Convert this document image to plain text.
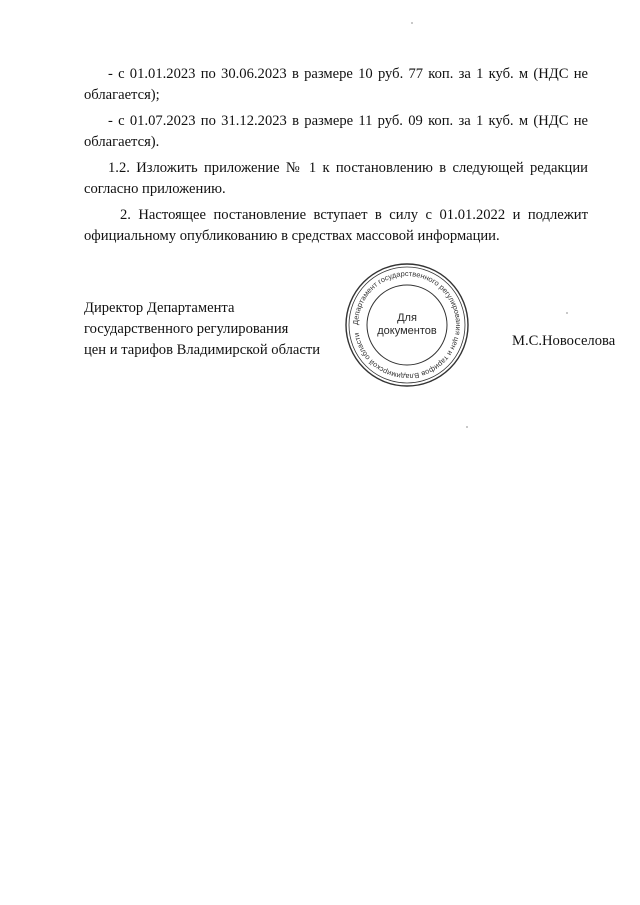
- с 01.01.2023 по 30.06.2023 в размере 10 руб. 77 коп. за 1 куб. м (НДС не облагается);

- с 01.07.2023 по 31.12.2023 в размере 11 руб. 09 коп. за 1 куб. м (НДС не облагается).

1.2. Изложить приложение № 1 к постановлению в следующей редакции согласно приложению.

2. Настоящее постановление вступает в силу с 01.01.2022 и подлежит официальному опубликованию в средствах массовой информации.

Директор Департамента
государственного регулирования
цен и тарифов Владимирской области
Департамент государственного регулирования цен и тарифов Владимирской области
Для
документов
М.С.Новоселова
